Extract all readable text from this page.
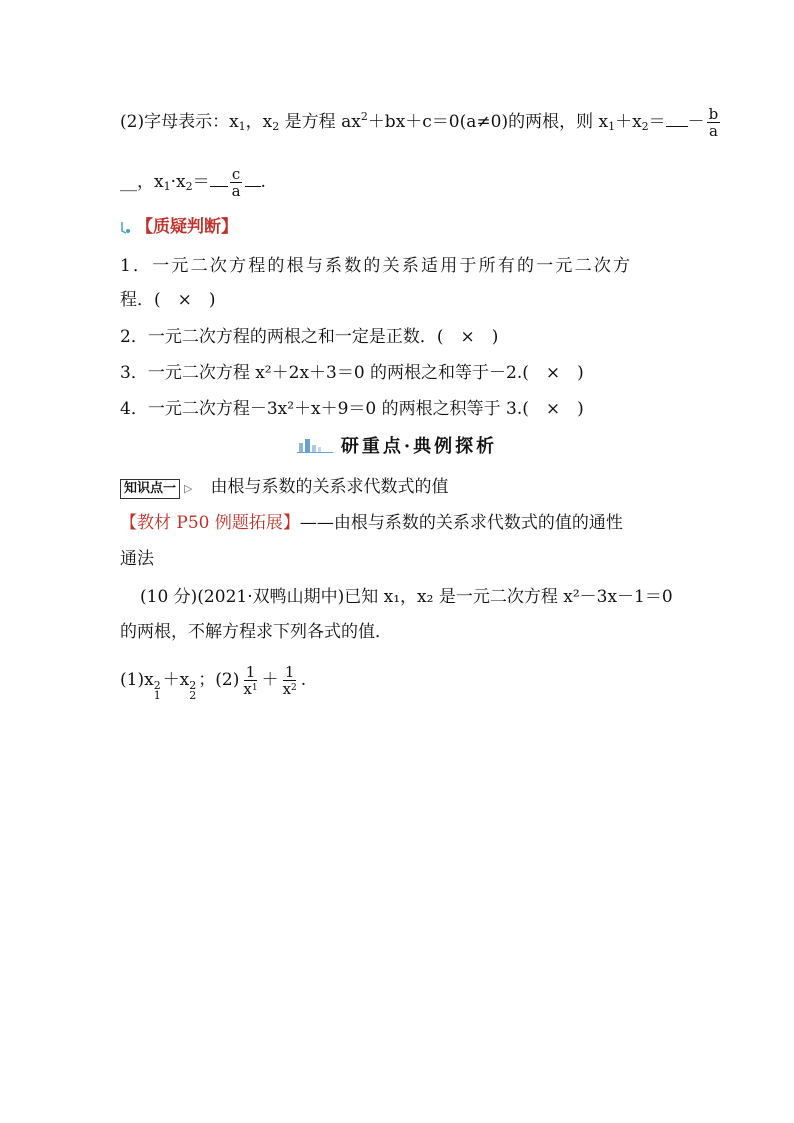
(2)字母表示：$x_1$，$x_2$ 是方程 $ax^2+bx+c=0(a\ne 0)$的两根，则 $x_1+x_2= - \frac{b}{a}$
__，$x_1\cdot x_2= \frac{c}{a}$ .
【质疑判断】
1．一元二次方程的根与系数的关系适用于所有的一元二次方
程．(　×　)
2．一元二次方程的两根之和一定是正数．(　×　)
3．一元二次方程 x²＋2x＋3＝0 的两根之和等于－2.(　×　)
4．一元二次方程－3x²＋x＋9＝0 的两根之积等于 3.(　×　)
研重点·典例探析
知识点一 ▷ 由根与系数的关系求代数式的值
【教材 P50 例题拓展】——由根与系数的关系求代数式的值的通性
通法
(10 分)(2021·双鸭山期中)已知 x₁，x₂ 是一元二次方程 x²－3x－1＝0
的两根，不解方程求下列各式的值．
(1)x 2
1
＋x 2
2
；$(2) \frac{1}{x^1} + \frac{1}{x^2}$ .
